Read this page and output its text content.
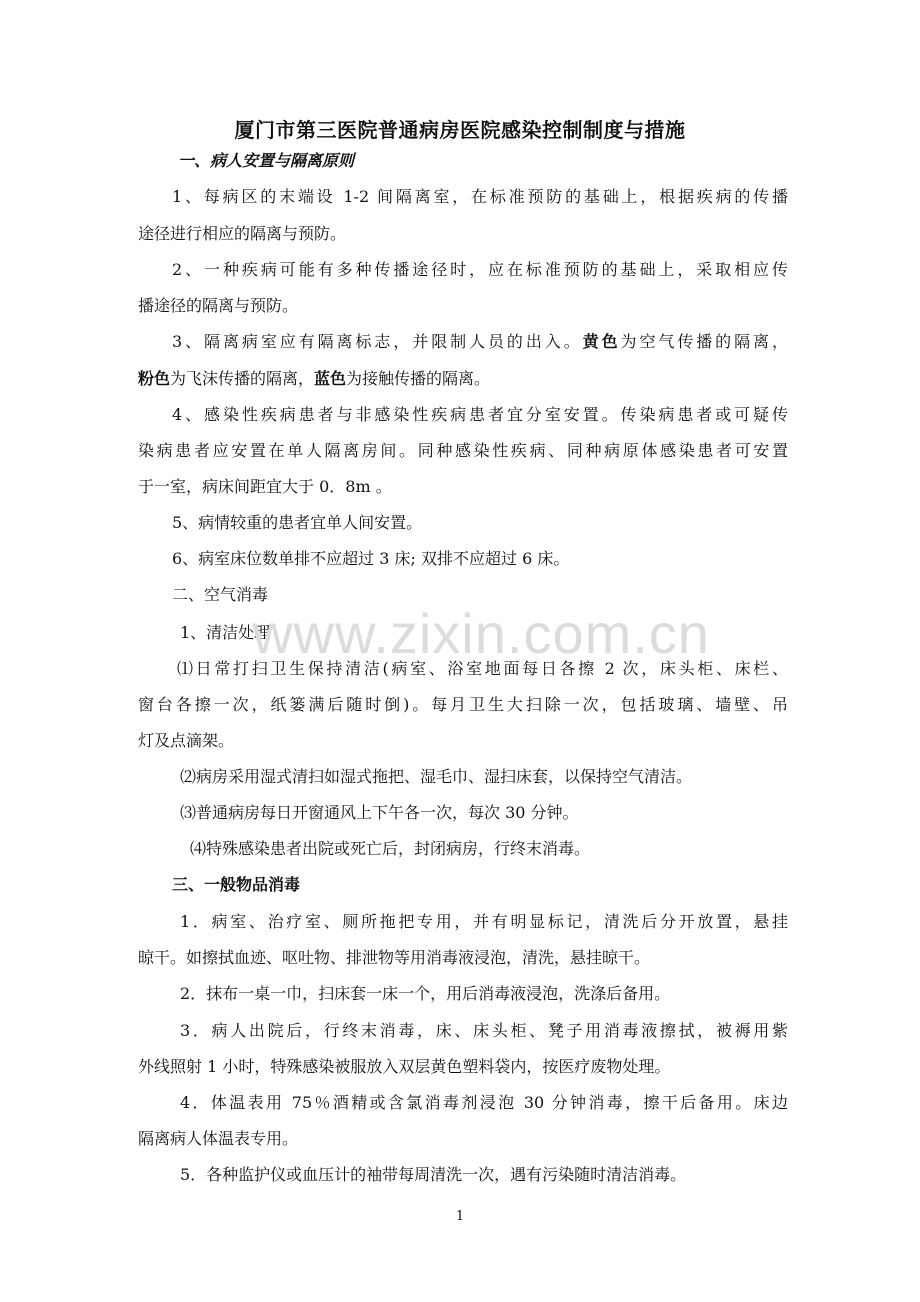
厦门市第三医院普通病房医院感染控制制度与措施

一、病人安置与隔离原则

1、每病区的末端设 1-2 间隔离室，在标准预防的基础上，根据疾病的传播

途径进行相应的隔离与预防。

2、一种疾病可能有多种传播途径时，应在标准预防的基础上，采取相应传

播途径的隔离与预防。

3、隔离病室应有隔离标志，并限制人员的出入。黄色为空气传播的隔离，

粉色为飞沫传播的隔离，蓝色为接触传播的隔离。

4、感染性疾病患者与非感染性疾病患者宜分室安置。传染病患者或可疑传

染病患者应安置在单人隔离房间。同种感染性疾病、同种病原体感染患者可安置

于一室，病床间距宜大于 0．8m 。

5、病情较重的患者宜单人间安置。

6、病室床位数单排不应超过 3 床; 双排不应超过 6 床。

二、空气消毒

1、清洁处理

www.zixin.com.cn

⑴日常打扫卫生保持清洁(病室、浴室地面每日各擦 2 次，床头柜、床栏、

窗台各擦一次，纸篓满后随时倒)。每月卫生大扫除一次，包括玻璃、墙壁、吊

灯及点滴架。

⑵病房采用湿式清扫如湿式拖把、湿毛巾、湿扫床套，以保持空气清洁。

⑶普通病房每日开窗通风上下午各一次，每次 30 分钟。

⑷特殊感染患者出院或死亡后，封闭病房，行终末消毒。

三、一般物品消毒

1．病室、治疗室、厕所拖把专用，并有明显标记，清洗后分开放置，悬挂

晾干。如擦拭血迹、呕吐物、排泄物等用消毒液浸泡，清洗，悬挂晾干。

2．抹布一桌一巾，扫床套一床一个，用后消毒液浸泡，洗涤后备用。

3．病人出院后，行终末消毒，床、床头柜、凳子用消毒液擦拭，被褥用紫

外线照射 1 小时，特殊感染被服放入双层黄色塑料袋内，按医疗废物处理。

4．体温表用 75％酒精或含氯消毒剂浸泡 30 分钟消毒，擦干后备用。床边

隔离病人体温表专用。

5．各种监护仪或血压计的袖带每周清洗一次，遇有污染随时清洁消毒。

1
